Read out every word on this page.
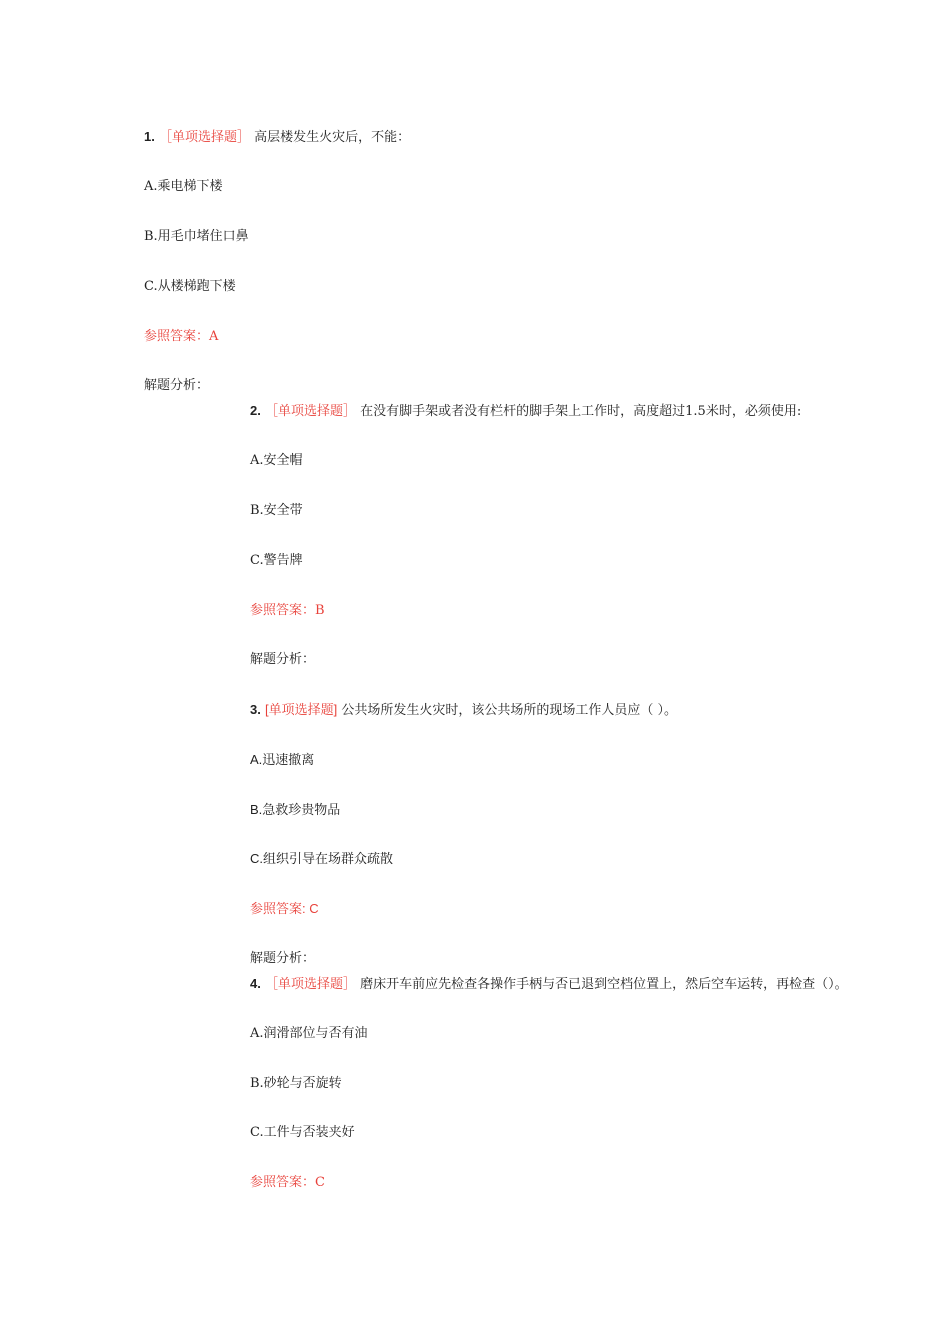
1. ［单项选择题］ 高层楼发生火灾后，不能：
A.乘电梯下楼
B.用毛巾堵住口鼻
C.从楼梯跑下楼
参照答案：A
解题分析：
2. ［单项选择题］ 在没有脚手架或者没有栏杆的脚手架上工作时，高度超过1.5米时，必须使用:
A.安全帽
B.安全带
C.警告牌
参照答案：B
解题分析：
3. [单项选择题] 公共场所发生火灾时，该公共场所的现场工作人员应（ ）。
A.迅速撤离
B.急救珍贵物品
C.组织引导在场群众疏散
参照答案: C
解题分析：
4. ［单项选择题］ 磨床开车前应先检查各操作手柄与否已退到空档位置上，然后空车运转，再检查（）。
A.润滑部位与否有油
B.砂轮与否旋转
C.工件与否装夹好
参照答案：C
